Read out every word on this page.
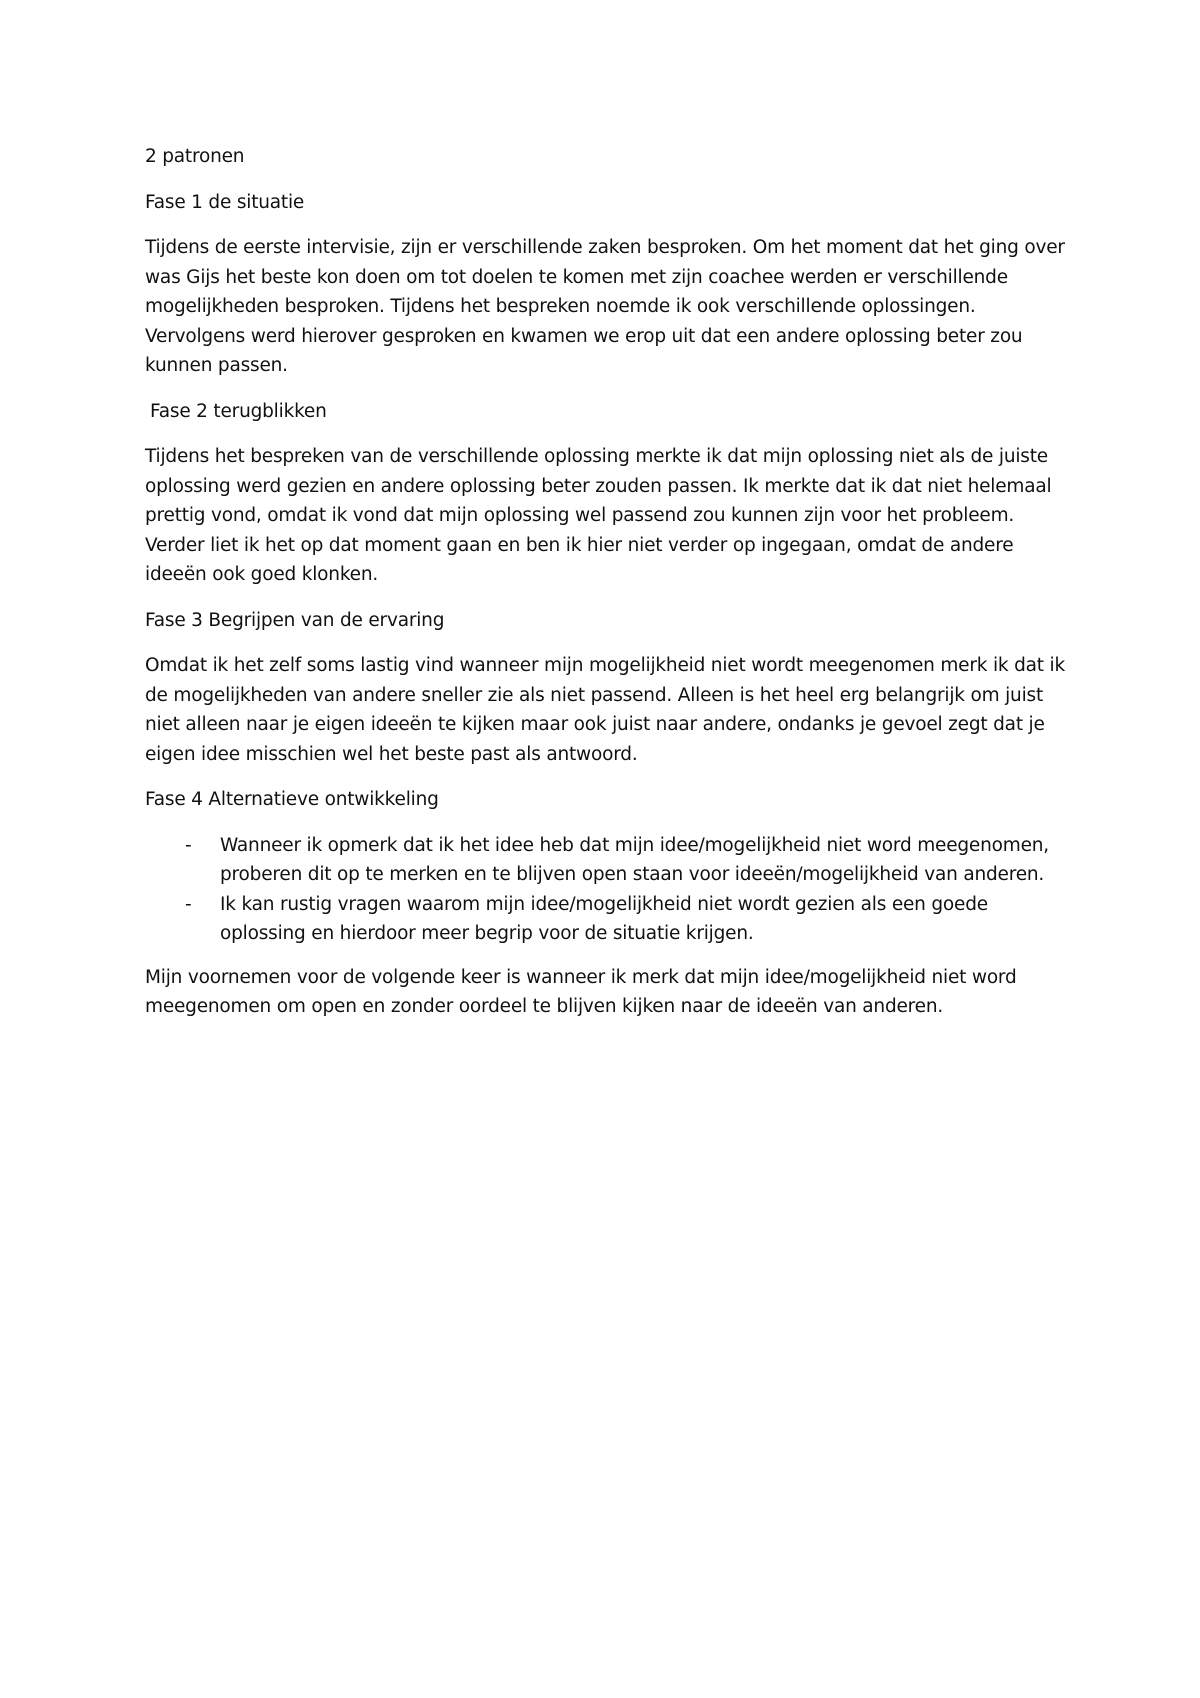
2 patronen

Fase 1 de situatie

Tijdens de eerste intervisie, zijn er verschillende zaken besproken. Om het moment dat het ging over was Gijs het beste kon doen om tot doelen te komen met zijn coachee werden er verschillende mogelijkheden besproken. Tijdens het bespreken noemde ik ook verschillende oplossingen. Vervolgens werd hierover gesproken en kwamen we erop uit dat een andere oplossing beter zou kunnen passen.

Fase 2 terugblikken

Tijdens het bespreken van de verschillende oplossing merkte ik dat mijn oplossing niet als de juiste oplossing werd gezien en andere oplossing beter zouden passen. Ik merkte dat ik dat niet helemaal prettig vond, omdat ik vond dat mijn oplossing wel passend zou kunnen zijn voor het probleem. Verder liet ik het op dat moment gaan en ben ik hier niet verder op ingegaan, omdat de andere ideeën ook goed klonken.

Fase 3 Begrijpen van de ervaring

Omdat ik het zelf soms lastig vind wanneer mijn mogelijkheid niet wordt meegenomen merk ik dat ik de mogelijkheden van andere sneller zie als niet passend. Alleen is het heel erg belangrijk om juist niet alleen naar je eigen ideeën te kijken maar ook juist naar andere, ondanks je gevoel zegt dat je eigen idee misschien wel het beste past als antwoord.

Fase 4 Alternatieve ontwikkeling

- Wanneer ik opmerk dat ik het idee heb dat mijn idee/mogelijkheid niet word meegenomen, proberen dit op te merken en te blijven open staan voor ideeën/mogelijkheid van anderen.
- Ik kan rustig vragen waarom mijn idee/mogelijkheid niet wordt gezien als een goede oplossing en hierdoor meer begrip voor de situatie krijgen.

Mijn voornemen voor de volgende keer is wanneer ik merk dat mijn idee/mogelijkheid niet word meegenomen om open en zonder oordeel te blijven kijken naar de ideeën van anderen.
